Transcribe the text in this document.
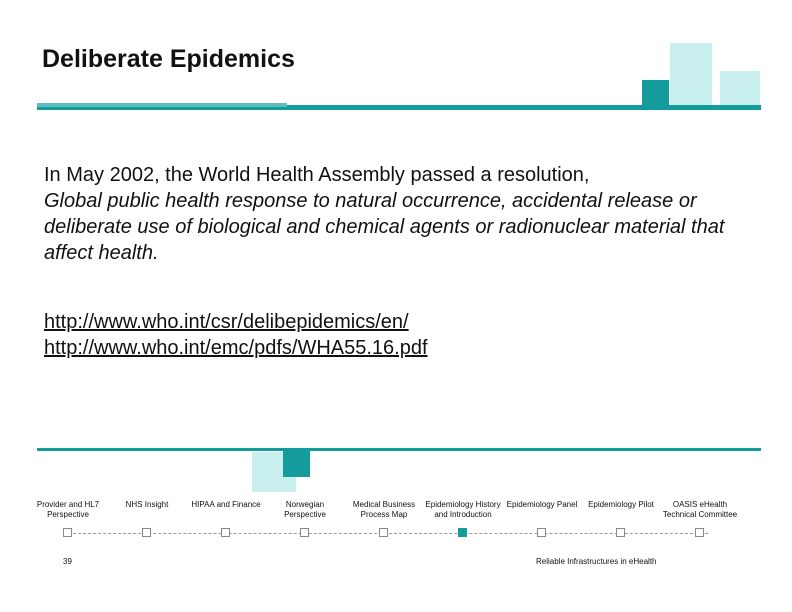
Deliberate Epidemics
In May 2002, the World Health Assembly passed a resolution,
Global public health response to natural occurrence, accidental release or deliberate use of biological and chemical agents or radionuclear material that affect health.
http://www.who.int/csr/delibepidemics/en/
http://www.who.int/emc/pdfs/WHA55.16.pdf
Provider and HL7 Perspective
NHS Insight	HIPAA and Finance	Norwegian Perspective
Medical Business Process Map
Epidemiology History and Introduction
Epidemiology Panel	Epidemiology Pilot	OASIS eHealth Technical Committee
39	Reliable Infrastructures in eHealth
